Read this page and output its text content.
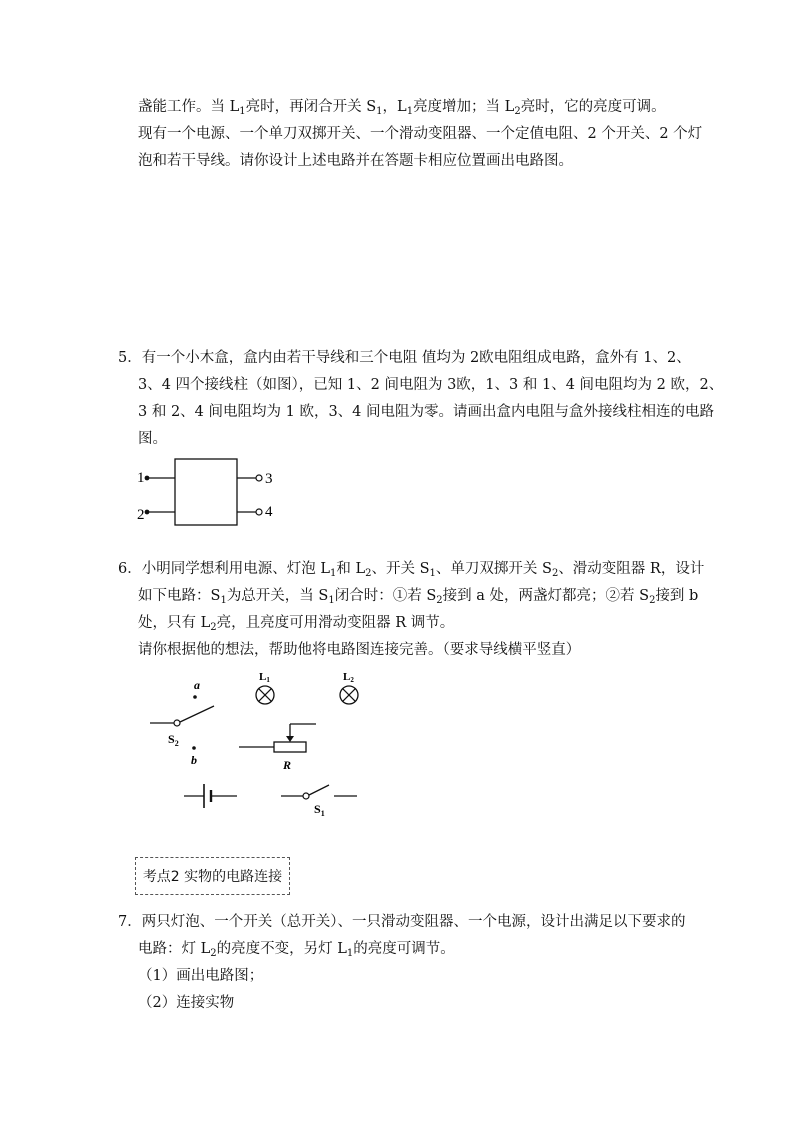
盏能工作。当 $L_1$亮时，再闭合开关 $S_1$，$L_1$亮度增加；当 $L_2$亮时，它的亮度可调。
现有一个电源、一个单刀双掷开关、一个滑动变阻器、一个定值电阻、2 个开关、2 个灯
泡和若干导线。请你设计上述电路并在答题卡相应位置画出电路图。
5．有一个小木盒，盒内由若干导线和三个电阻 值均为 2欧电阻组成电路，盒外有 1、2、
3、4 四个接线柱（如图），已知 1、2 间电阻为 3欧，1、3 和 1、4 间电阻均为 2 欧，2、
3 和 2、4 间电阻均为 1 欧，3、4 间电阻为零。请画出盒内电阻与盒外接线柱相连的电路
图。
1
2
3
4
6．小明同学想利用电源、灯泡 $L_1$和 $L_2$、开关 $S_1$、单刀双掷开关 $S_2$、滑动变阻器 R，设计
如下电路：$S_1$为总开关，当 $S_1$闭合时：①若 $S_2$接到 a 处，两盏灯都亮；②若 $S_2$接到 b
处，只有 $L_2$亮，且亮度可用滑动变阻器 R 调节。
请你根据他的想法，帮助他将电路图连接完善。（要求导线横平竖直）
a
b
$S_2$
L1	L2
R
$S_1$
考点2 实物的电路连接
7．两只灯泡、一个开关（总开关）、一只滑动变阻器、一个电源，设计出满足以下要求的
电路：灯 $L_2$的亮度不变，另灯 $L_1$的亮度可调节。
（1）画出电路图；
（2）连接实物
